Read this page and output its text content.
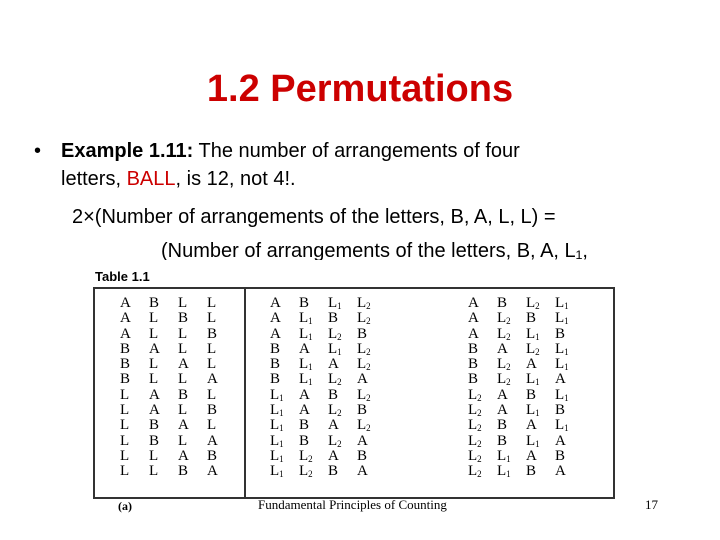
1.2 Permutations
• Example 1.11: The number of arrangements of four
letters, BALL, is 12, not 4!.
2×(Number of arrangements of the letters, B, A, L, L) =
(Number of arrangements of the letters, B, A, L₁,
Table 1.1
A B L L
A L B L
A L L B
B A L L
B L A L
B L L A
L A B L
L A L B
L B A L
L B L A
L L A B
L L B A
A B $L_1$ $L_2$
A $L_1$ B $L_2$
A $L_1$ $L_2$ B
B A $L_1$ $L_2$
B $L_1$ A $L_2$
B $L_1$ $L_2$ A
$L_1$ A B $L_2$
$L_1$ A $L_2$ B
$L_1$ B A $L_2$
$L_1$ B $L_2$ A
$L_1$ $L_2$ A B
$L_1$ $L_2$ B A
A B $L_2$ $L_1$
A $L_2$ B $L_1$
A $L_2$ $L_1$ B
B A $L_2$ $L_1$
B $L_2$ A $L_1$
B $L_2$ $L_1$ A
$L_2$ A B $L_1$
$L_2$ A $L_1$ B
$L_2$ B A $L_1$
$L_2$ B $L_1$ A
$L_2$ $L_1$ A B
$L_2$ $L_1$ B A
(a)	Fundamental Principles of Counting	17
